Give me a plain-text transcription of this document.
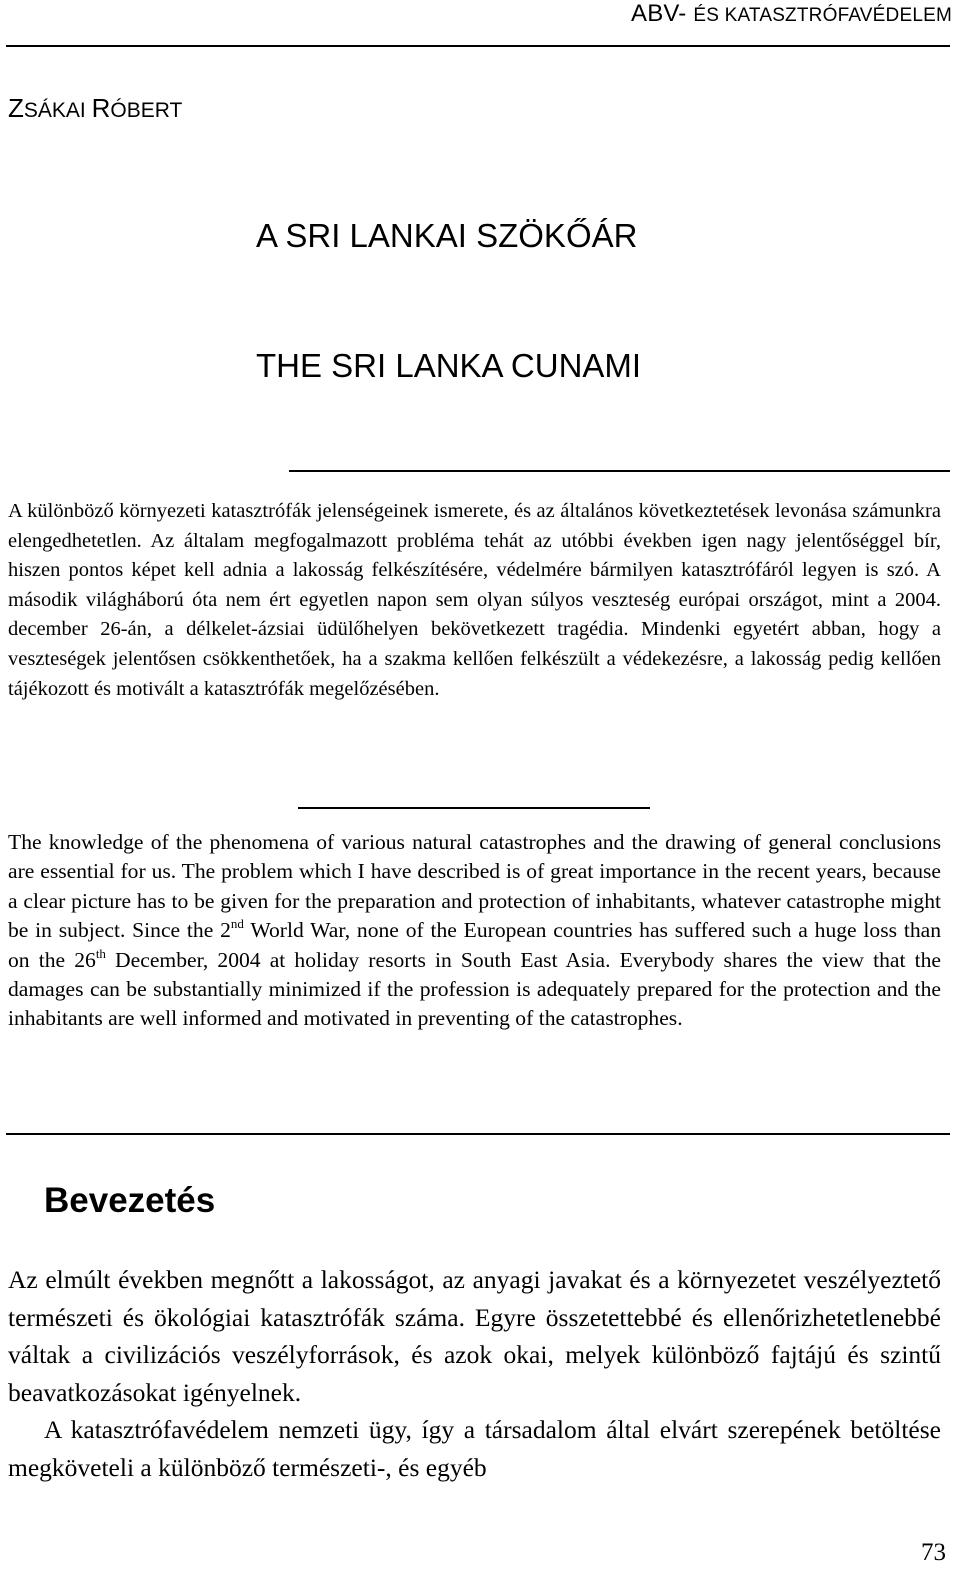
ABV- ÉS KATASZTRÓFAVÉDELEM
ZSÁKAI RÓBERT
A SRI LANKAI SZÖKŐÁR
THE SRI LANKA CUNAMI
A különböző környezeti katasztrófák jelenségeinek ismerete, és az általános következtetések levonása számunkra elengedhetetlen. Az általam megfogalmazott probléma tehát az utóbbi években igen nagy jelentőséggel bír, hiszen pontos képet kell adnia a lakosság felkészítésére, védelmére bármilyen katasztrófáról legyen is szó. A második világháború óta nem ért egyetlen napon sem olyan súlyos veszteség európai országot, mint a 2004. december 26-án, a délkelet-ázsiai üdülőhelyen bekövetkezett tragédia. Mindenki egyetért abban, hogy a veszteségek jelentősen csökkenthetőek, ha a szakma kellően felkészült a védekezésre, a lakosság pedig kellően tájékozott és motivált a katasztrófák megelőzésében.
The knowledge of the phenomena of various natural catastrophes and the drawing of general conclusions are essential for us. The problem which I have described is of great importance in the recent years, because a clear picture has to be given for the preparation and protection of inhabitants, whatever catastrophe might be in subject. Since the 2nd World War, none of the European countries has suffered such a huge loss than on the 26th December, 2004 at holiday resorts in South East Asia. Everybody shares the view that the damages can be substantially minimized if the profession is adequately prepared for the protection and the inhabitants are well informed and motivated in preventing of the catastrophes.
Bevezetés

Az elmúlt években megnőtt a lakosságot, az anyagi javakat és a környezetet veszélyeztető természeti és ökológiai katasztrófák száma. Egyre összetettebbé és ellenőrizhetetlenebbé váltak a civilizációs veszélyforrások, és azok okai, melyek különböző fajtájú és szintű beavatkozásokat igényelnek.

A katasztrófavédelem nemzeti ügy, így a társadalom által elvárt szerepének betöltése megköveteli a különböző természeti-, és egyéb

73
